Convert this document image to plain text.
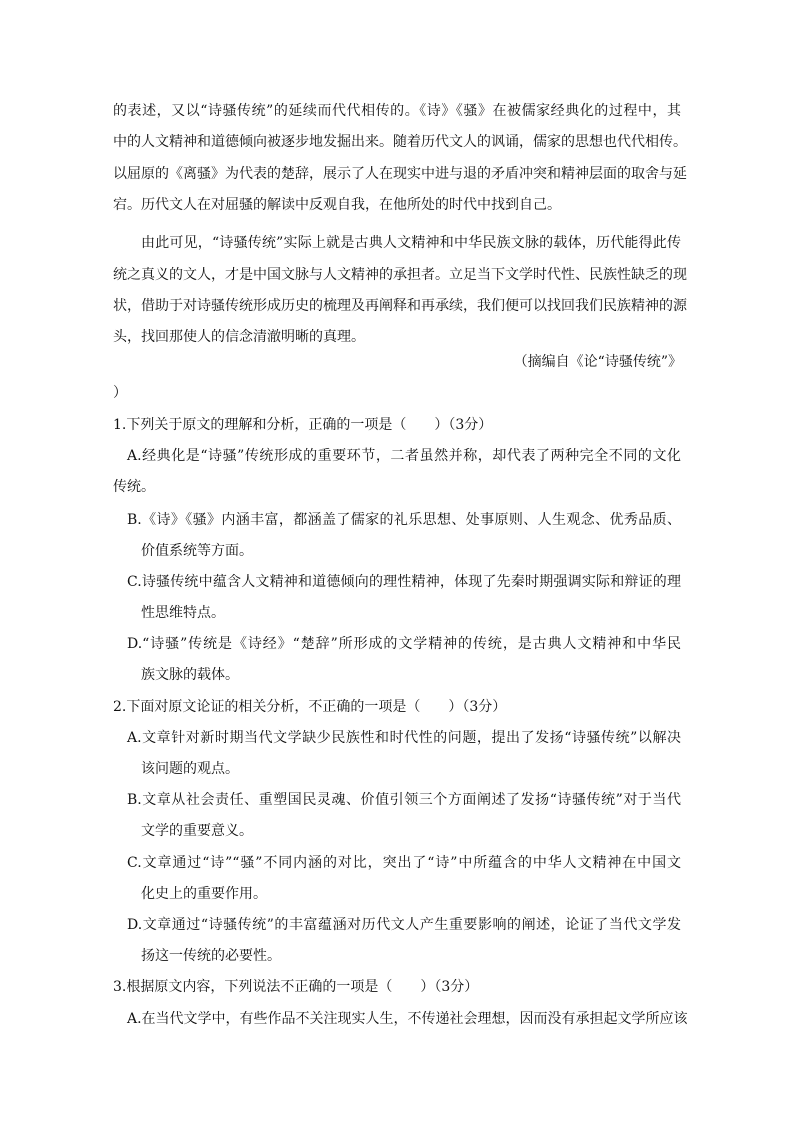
的表述，又以“诗骚传统”的延续而代代相传的。《诗》《骚》在被儒家经典化的过程中，其
中的人文精神和道德倾向被逐步地发掘出来。随着历代文人的讽诵，儒家的思想也代代相传。
以屈原的《离骚》为代表的楚辞，展示了人在现实中进与退的矛盾冲突和精神层面的取舍与延
宕。历代文人在对屈骚的解读中反观自我，在他所处的时代中找到自己。
由此可见，“诗骚传统”实际上就是古典人文精神和中华民族文脉的载体，历代能得此传
统之真义的文人，才是中国文脉与人文精神的承担者。立足当下文学时代性、民族性缺乏的现
状，借助于对诗骚传统形成历史的梳理及再阐释和再承续，我们便可以找回我们民族精神的源
头，找回那使人的信念清澈明晰的真理。
（摘编自《论“诗骚传统”》
）
1.下列关于原文的理解和分析，正确的一项是（　　）（3分）
A.经典化是“诗骚”传统形成的重要环节，二者虽然并称，却代表了两种完全不同的文化
传统。
B.《诗》《骚》内涵丰富，都涵盖了儒家的礼乐思想、处事原则、人生观念、优秀品质、
价值系统等方面。
C.诗骚传统中蕴含人文精神和道德倾向的理性精神，体现了先秦时期强调实际和辩证的理
性思维特点。
D.“诗骚”传统是《诗经》“楚辞”所形成的文学精神的传统，是古典人文精神和中华民
族文脉的载体。
2.下面对原文论证的相关分析，不正确的一项是（　　）（3分）
A.文章针对新时期当代文学缺少民族性和时代性的问题，提出了发扬“诗骚传统”以解决
该问题的观点。
B.文章从社会责任、重塑国民灵魂、价值引领三个方面阐述了发扬“诗骚传统”对于当代
文学的重要意义。
C.文章通过“诗”“骚”不同内涵的对比，突出了“诗”中所蕴含的中华人文精神在中国文
化史上的重要作用。
D.文章通过“诗骚传统”的丰富蕴涵对历代文人产生重要影响的阐述，论证了当代文学发
扬这一传统的必要性。
3.根据原文内容，下列说法不正确的一项是（　　）（3分）
A.在当代文学中，有些作品不关注现实人生，不传递社会理想，因而没有承担起文学所应该
